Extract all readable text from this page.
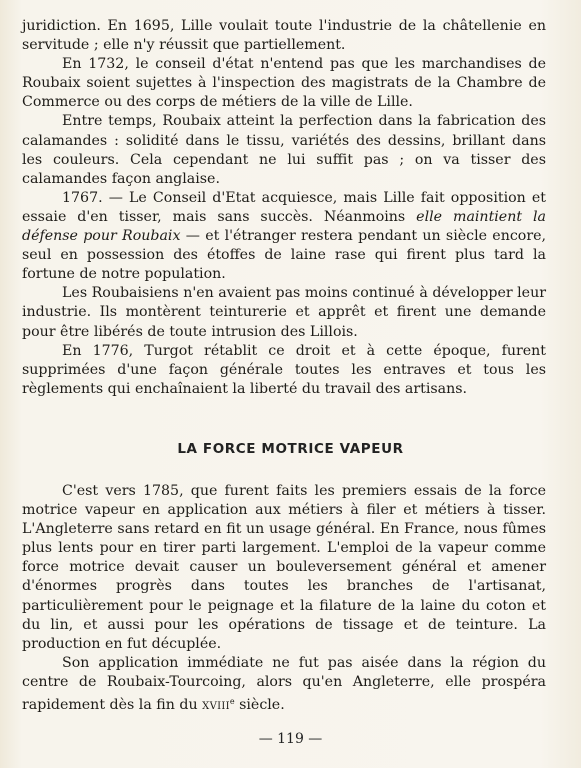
juridiction. En 1695, Lille voulait toute l'industrie de la châtellenie en servitude ; elle n'y réussit que partiellement.

En 1732, le conseil d'état n'entend pas que les marchandises de Roubaix soient sujettes à l'inspection des magistrats de la Chambre de Commerce ou des corps de métiers de la ville de Lille.

Entre temps, Roubaix atteint la perfection dans la fabrication des calamandes : solidité dans le tissu, variétés des dessins, brillant dans les couleurs. Cela cependant ne lui suffit pas ; on va tisser des calamandes façon anglaise.

1767. — Le Conseil d'Etat acquiesce, mais Lille fait opposition et essaie d'en tisser, mais sans succès. Néanmoins elle maintient la défense pour Roubaix — et l'étranger restera pendant un siècle encore, seul en possession des étoffes de laine rase qui firent plus tard la fortune de notre population.

Les Roubaisiens n'en avaient pas moins continué à développer leur industrie. Ils montèrent teinturerie et apprêt et firent une demande pour être libérés de toute intrusion des Lillois.

En 1776, Turgot rétablit ce droit et à cette époque, furent supprimées d'une façon générale toutes les entraves et tous les règlements qui enchaînaient la liberté du travail des artisans.

LA FORCE MOTRICE VAPEUR

C'est vers 1785, que furent faits les premiers essais de la force motrice vapeur en application aux métiers à filer et métiers à tisser. L'Angleterre sans retard en fit un usage général. En France, nous fûmes plus lents pour en tirer parti largement. L'emploi de la vapeur comme force motrice devait causer un bouleversement général et amener d'énormes progrès dans toutes les branches de l'artisanat, particulièrement pour le peignage et la filature de la laine du coton et du lin, et aussi pour les opérations de tissage et de teinture. La production en fut décuplée.

Son application immédiate ne fut pas aisée dans la région du centre de Roubaix-Tourcoing, alors qu'en Angleterre, elle prospéra rapidement dès la fin du XVIIIe siècle.

— 119 —
